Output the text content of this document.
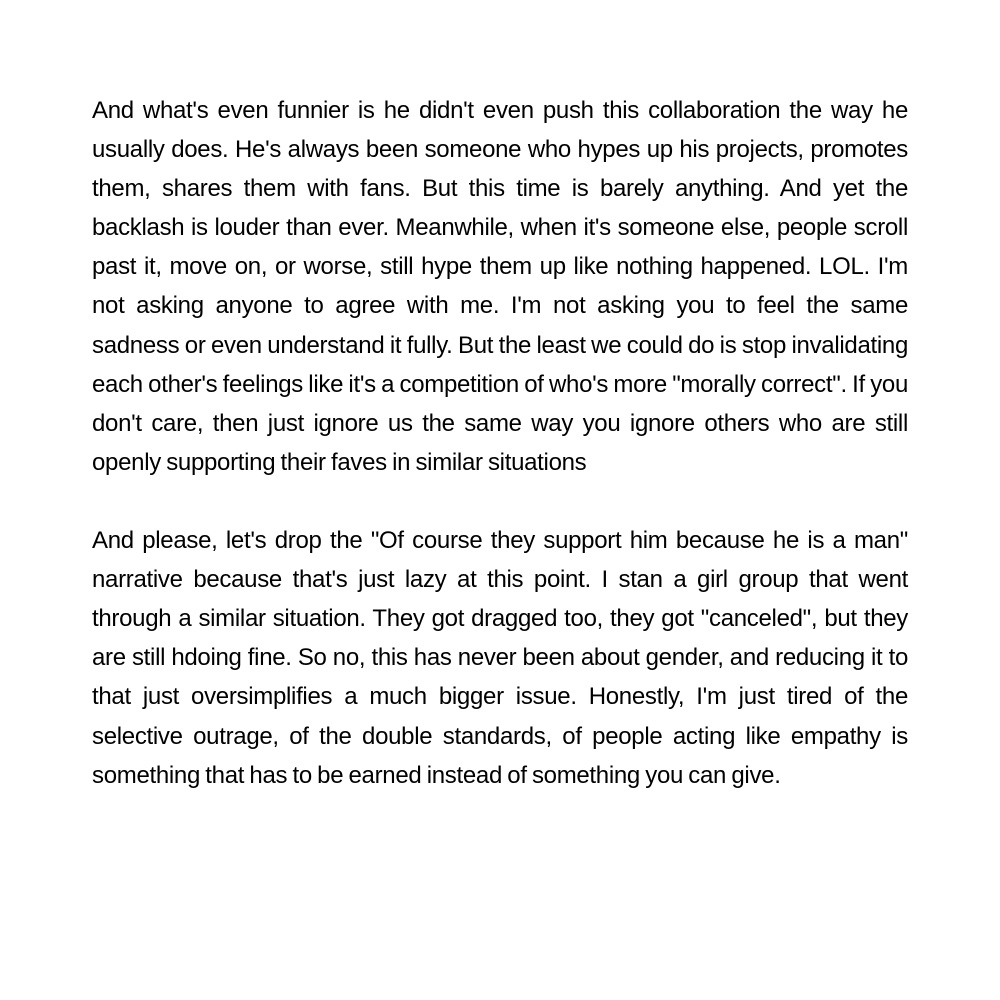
And what's even funnier is he didn't even push this collaboration the way he usually does. He's always been someone who hypes up his projects, promotes them, shares them with fans. But this time is barely anything. And yet the backlash is louder than ever. Meanwhile, when it's someone else, people scroll past it, move on, or worse, still hype them up like nothing happened. LOL. I'm not asking anyone to agree with me. I'm not asking you to feel the same sadness or even understand it fully. But the least we could do is stop invalidating each other's feelings like it's a competition of who's more "morally correct". If you don't care, then just ignore us the same way you ignore others who are still openly supporting their faves in similar situations

And please, let's drop the "Of course they support him because he is a man" narrative because that's just lazy at this point. I stan a girl group that went through a similar situation. They got dragged too, they got "canceled", but they are still hdoing fine. So no, this has never been about gender, and reducing it to that just oversimplifies a much bigger issue. Honestly, I'm just tired of the selective outrage, of the double standards, of people acting like empathy is something that has to be earned instead of something you can give.
